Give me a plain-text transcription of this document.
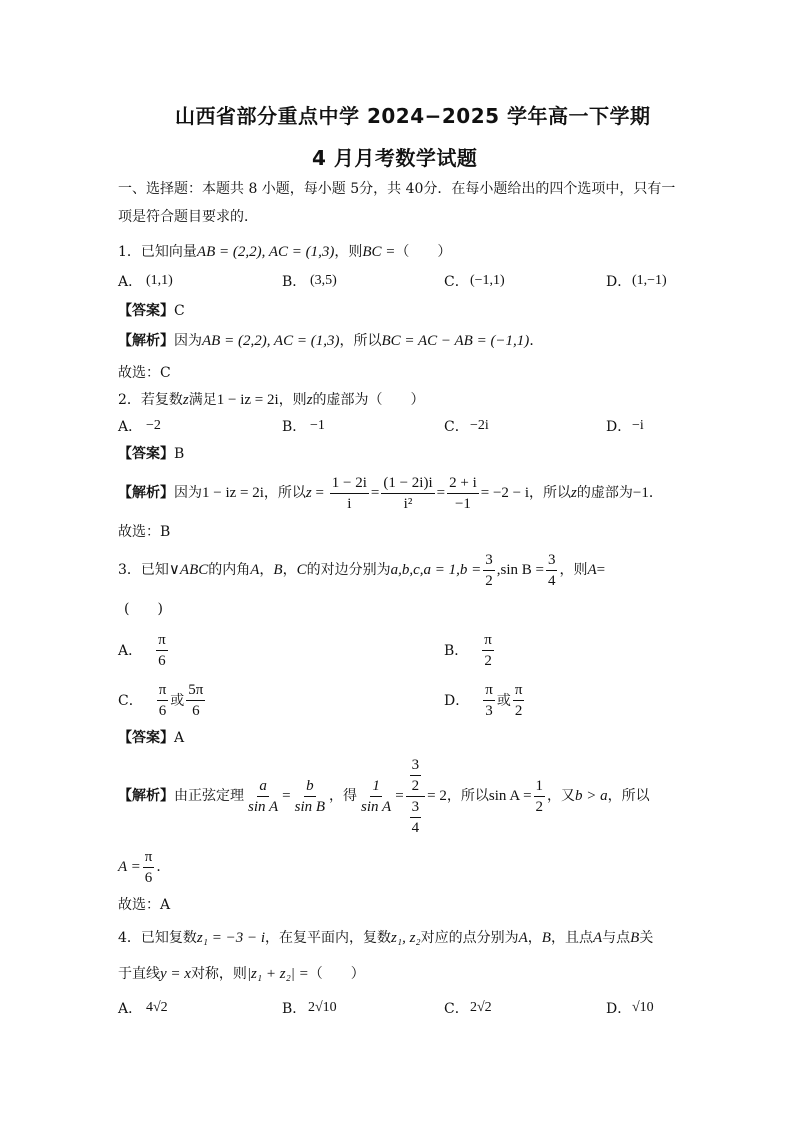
山西省部分重点中学 2024−2025 学年高一下学期
4 月月考数学试题
一、选择题：本题共 8 小题，每小题 5分，共 40分．在每小题给出的四个选项中，只有一
项是符合题目要求的．
1．已知向量AB = (2,2), AC = (1,3)，则BC =（　　）
A． (1,1)	B． (3,5)	C． (−1,1)	D． (1,−1)
【答案】C
【解析】因为AB = (2,2), AC = (1,3)，所以BC = AC − AB = (−1,1)．
故选：C
2．若复数z满足1 − iz = 2i，则z的虚部为（　　）
A． −2	B． −1	C． −2i	D． −i
【答案】B
【解析】 因为 1 − iz = 2i ，所以 $z = \frac{1 - 2i}{i} = \frac{(1 - 2i)i}{\text{i²}} = \frac{2 + i}{-1} = -2 - i$ ，所以 z 的虚部为 −1 ．
故选：B
3． 已知 ∨ABC 的内角 A ， B ， C 的对边分别为 $a,b,c,a = 1,b = \frac{3}{2} ,\sin$ $B = \frac{3}{4}$ ，则 A =
(　　)
A． $\frac{\pi}{6}$	B． $\frac{\pi}{2}$
C． $\frac{\pi}{6}$ 或 $\frac{5\pi}{6}$	D． $\frac{\pi}{3}$ 或 $\frac{\pi}{2}$
【答案】A
【解析】 由正弦定理 $\frac{a}{\text{sin A}} = \frac{b}{\text{sin B}}$ ，得 $\frac{1}{\text{sin A}} = \frac{\frac{3}{2}}{\frac{3}{4}} = 2$ ，所以 $\sin A = \frac{1}{2}$ ，又 b > a ，所以
$A = \frac{\pi}{6}$ ．
故选：A
4．已知复数z₁ = −3 − i，在复平面内，复数z₁, z₂对应的点分别为A，B，且点A与点B关
于直线y = x对称，则|z₁ + z₂| =（　　）
A． 4√2	B． 2√10	C． 2√2	D． √10
